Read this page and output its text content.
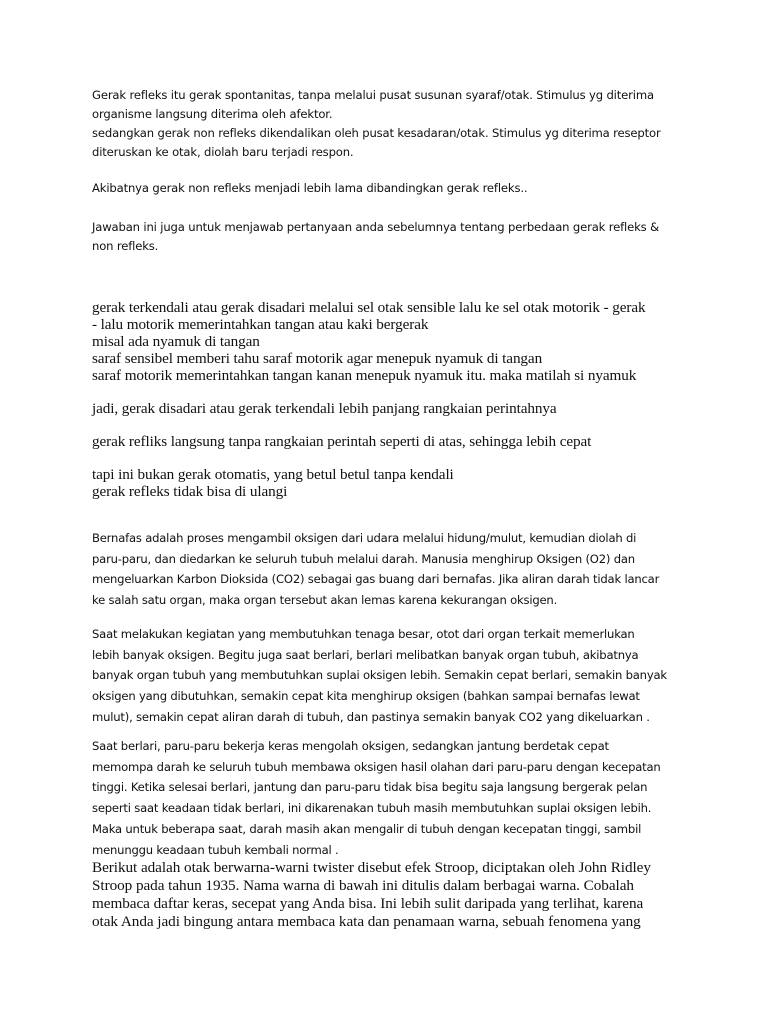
Gerak refleks itu gerak spontanitas, tanpa melalui pusat susunan syaraf/otak. Stimulus yg diterima
organisme langsung diterima oleh afektor.
sedangkan gerak non refleks dikendalikan oleh pusat kesadaran/otak. Stimulus yg diterima reseptor
diteruskan ke otak, diolah baru terjadi respon.
Akibatnya gerak non refleks menjadi lebih lama dibandingkan gerak refleks..
Jawaban ini juga untuk menjawab pertanyaan anda sebelumnya tentang perbedaan gerak refleks &
non refleks.
gerak terkendali atau gerak disadari melalui sel otak sensible lalu ke sel otak motorik - gerak
- lalu motorik memerintahkan tangan atau kaki bergerak
misal ada nyamuk di tangan
saraf sensibel memberi tahu saraf motorik agar menepuk nyamuk di tangan
saraf motorik memerintahkan tangan kanan menepuk nyamuk itu. maka matilah si nyamuk
jadi, gerak disadari atau gerak terkendali lebih panjang rangkaian perintahnya
gerak refliks langsung tanpa rangkaian perintah seperti di atas, sehingga lebih cepat
tapi ini bukan gerak otomatis, yang betul betul tanpa kendali
gerak refleks tidak bisa di ulangi
Bernafas adalah proses mengambil oksigen dari udara melalui hidung/mulut, kemudian diolah di
paru-paru, dan diedarkan ke seluruh tubuh melalui darah. Manusia menghirup Oksigen (O2) dan
mengeluarkan Karbon Dioksida (CO2) sebagai gas buang dari bernafas. Jika aliran darah tidak lancar
ke salah satu organ, maka organ tersebut akan lemas karena kekurangan oksigen.
Saat melakukan kegiatan yang membutuhkan tenaga besar, otot dari organ terkait memerlukan
lebih banyak oksigen. Begitu juga saat berlari, berlari melibatkan banyak organ tubuh, akibatnya
banyak organ tubuh yang membutuhkan suplai oksigen lebih. Semakin cepat berlari, semakin banyak
oksigen yang dibutuhkan, semakin cepat kita menghirup oksigen (bahkan sampai bernafas lewat
mulut), semakin cepat aliran darah di tubuh, dan pastinya semakin banyak CO2 yang dikeluarkan .
Saat berlari, paru-paru bekerja keras mengolah oksigen, sedangkan jantung berdetak cepat
memompa darah ke seluruh tubuh membawa oksigen hasil olahan dari paru-paru dengan kecepatan
tinggi. Ketika selesai berlari, jantung dan paru-paru tidak bisa begitu saja langsung bergerak pelan
seperti saat keadaan tidak berlari, ini dikarenakan tubuh masih membutuhkan suplai oksigen lebih.
Maka untuk beberapa saat, darah masih akan mengalir di tubuh dengan kecepatan tinggi, sambil
menunggu keadaan tubuh kembali normal .
Berikut adalah otak berwarna-warni twister disebut efek Stroop, diciptakan oleh John Ridley
Stroop pada tahun 1935. Nama warna di bawah ini ditulis dalam berbagai warna. Cobalah
membaca daftar keras, secepat yang Anda bisa. Ini lebih sulit daripada yang terlihat, karena
otak Anda jadi bingung antara membaca kata dan penamaan warna, sebuah fenomena yang
